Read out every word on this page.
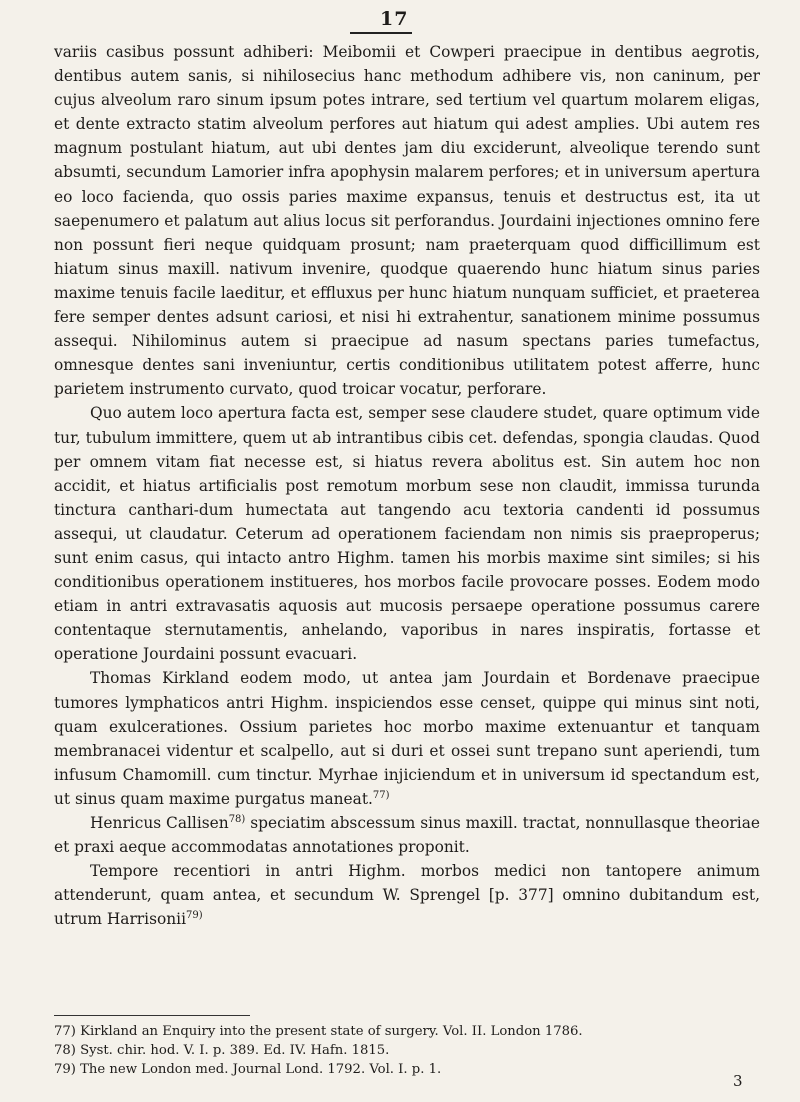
17

variis casibus possunt adhiberi: Meibomii et Cowperi praecipue in dentibus aegrotis, dentibus autem sanis, si nihilosecius hanc methodum adhibere vis, non caninum, per cujus alveolum raro sinum ipsum potes intrare, sed tertium vel quartum molarem eligas, et dente extracto statim alveolum perfores aut hiatum qui adest amplies. Ubi autem res magnum postulant hiatum, aut ubi dentes jam diu exciderunt, alveolique terendo sunt absumti, secundum Lamorier infra apophysin malarem perfores; et in universum apertura eo loco facienda, quo ossis paries maxime expansus, tenuis et destructus est, ita ut saepenumero et palatum aut alius locus sit perforandus. Jourdaini injectiones omnino fere non possunt fieri neque quidquam prosunt; nam praeterquam quod difficillimum est hiatum sinus maxill. nativum invenire, quodque quaerendo hunc hiatum sinus paries maxime tenuis facile laeditur, et effluxus per hunc hiatum nunquam sufficiet, et praeterea fere semper dentes adsunt cariosi, et nisi hi extrahentur, sanationem minime possumus assequi. Nihilominus autem si praecipue ad nasum spectans paries tumefactus, omnesque dentes sani inveniuntur, certis conditionibus utilitatem potest afferre, hunc parietem instrumento curvato, quod troicar vocatur, perforare.

Quo autem loco apertura facta est, semper sese claudere studet, quare optimum vide tur, tubulum immittere, quem ut ab intrantibus cibis cet. defendas, spongia claudas. Quod per omnem vitam fiat necesse est, si hiatus revera abolitus est. Sin autem hoc non accidit, et hiatus artificialis post remotum morbum sese non claudit, immissa turunda tinctura canthari-dum humectata aut tangendo acu textoria candenti id possumus assequi, ut claudatur. Ceterum ad operationem faciendam non nimis sis praeproperus; sunt enim casus, qui intacto antro Highm. tamen his morbis maxime sint similes; si his conditionibus operationem institueres, hos morbos facile provocare posses. Eodem modo etiam in antri extravasatis aquosis aut mucosis persaepe operatione possumus carere contentaque sternutamentis, anhelando, vaporibus in nares inspiratis, fortasse et operatione Jourdaini possunt evacuari.

Thomas Kirkland eodem modo, ut antea jam Jourdain et Bordenave praecipue tumores lymphaticos antri Highm. inspiciendos esse censet, quippe qui minus sint noti, quam exulcerationes. Ossium parietes hoc morbo maxime extenuantur et tanquam membranacei videntur et scalpello, aut si duri et ossei sunt trepano sunt aperiendi, tum infusum Chamomill. cum tinctur. Myrhae injiciendum et in universum id spectandum est, ut sinus quam maxime purgatus maneat.$^{77)}$

Henricus Callisen$^{78)}$ speciatim abscessum sinus maxill. tractat, nonnullasque theoriae et praxi aeque accommodatas annotationes proponit.

Tempore recentiori in antri Highm. morbos medici non tantopere animum attenderunt, quam antea, et secundum W. Sprengel [p. 377] omnino dubitandum est, utrum Harrisonii$^{79)}$

77) Kirkland an Enquiry into the present state of surgery. Vol. II. London 1786.
78) Syst. chir. hod. V. I. p. 389. Ed. IV. Hafn. 1815.
79) The new London med. Journal Lond. 1792. Vol. I. p. 1.
3
